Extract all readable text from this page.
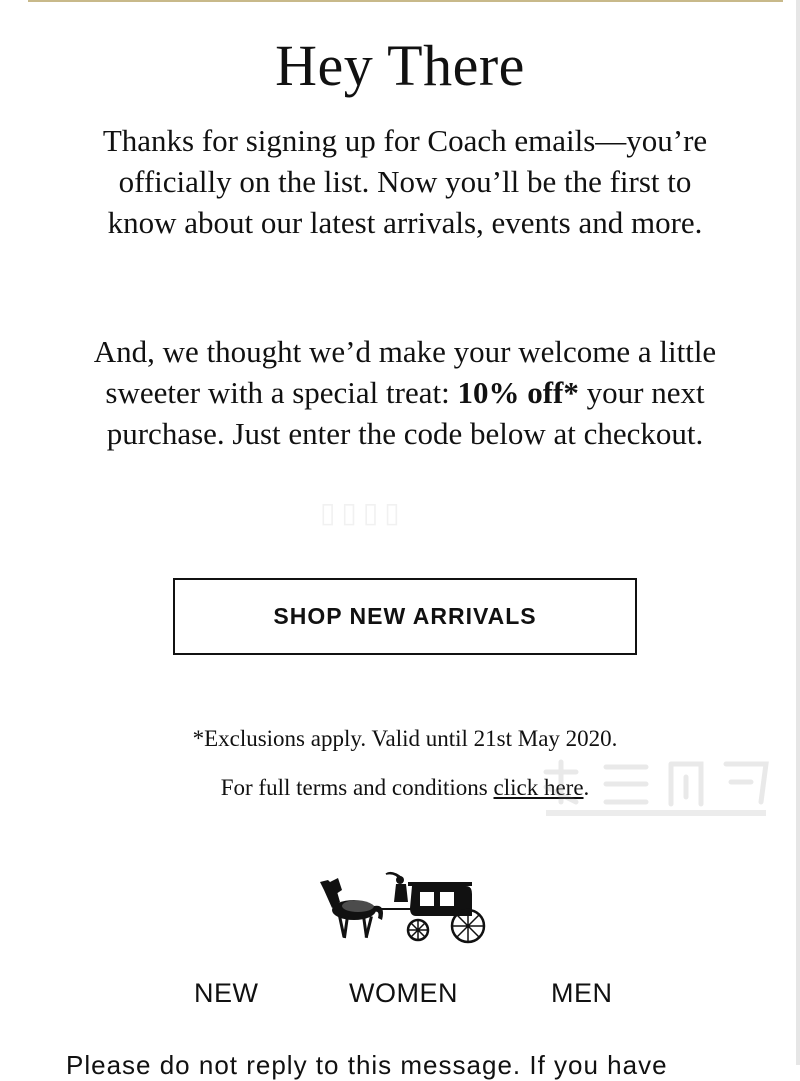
Hey There

Thanks for signing up for Coach emails—you’re officially on the list. Now you’ll be the first to know about our latest arrivals, events and more.

And, we thought we’d make your welcome a little sweeter with a special treat: 10% off* your next purchase. Just enter the code below at checkout.

▯▯▯▯
SHOP NEW ARRIVALS

*Exclusions apply. Valid until 21st May 2020.

For full terms and conditions click here.

NEW	WOMEN	MEN

Please do not reply to this message. If you have
